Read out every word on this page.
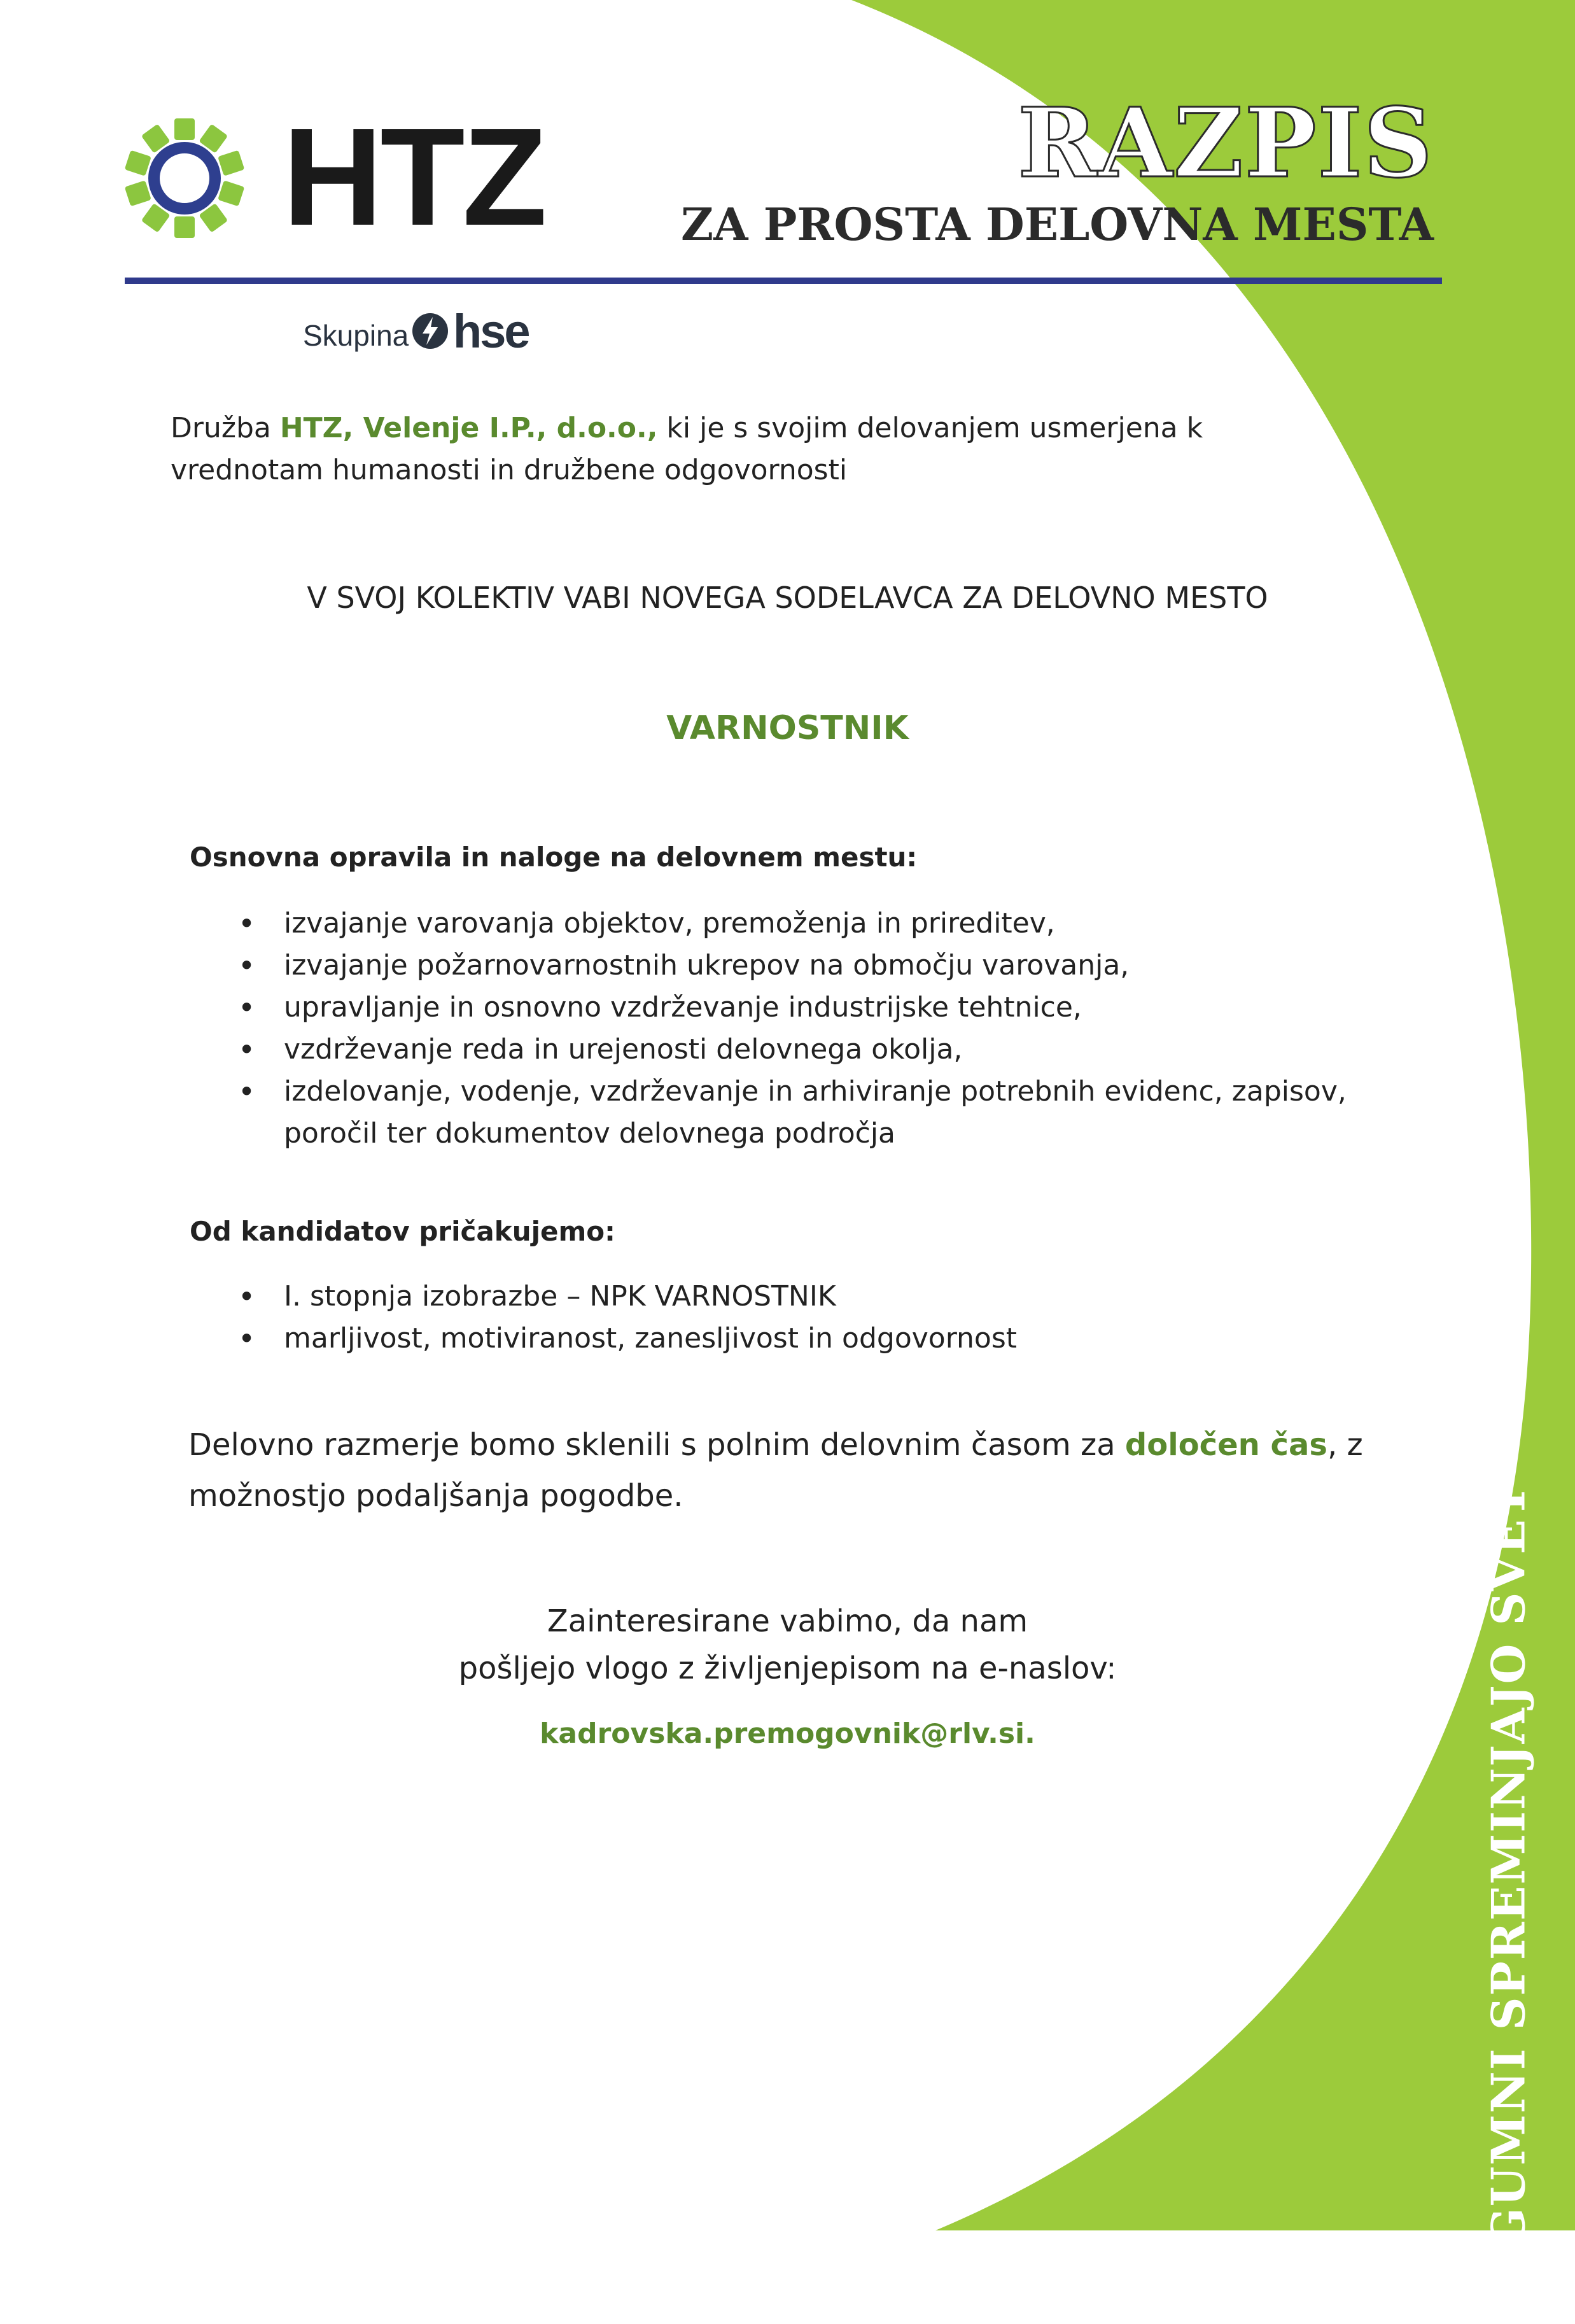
HTZ
Skupina hse
RAZPIS
ZA PROSTA DELOVNA MESTA
Družba HTZ, Velenje I.P., d.o.o., ki je s svojim delovanjem usmerjena k vrednotam humanosti in družbene odgovornosti
V SVOJ KOLEKTIV VABI NOVEGA SODELAVCA ZA DELOVNO MESTO
VARNOSTNIK
Osnovna opravila in naloge na delovnem mestu:
• izvajanje varovanja objektov, premoženja in prireditev,
• izvajanje požarnovarnostnih ukrepov na območju varovanja,
• upravljanje in osnovno vzdrževanje industrijske tehtnice,
• vzdrževanje reda in urejenosti delovnega okolja,
• izdelovanje, vodenje, vzdrževanje in arhiviranje potrebnih evidenc, zapisov, poročil ter dokumentov delovnega področja
Od kandidatov pričakujemo:
• I. stopnja izobrazbe – NPK VARNOSTNIK
• marljivost, motiviranost, zanesljivost in odgovornost
Delovno razmerje bomo sklenili s polnim delovnim časom za določen čas, z možnostjo podaljšanja pogodbe.
Zainteresirane vabimo, da nam
pošljejo vlogo z življenjepisom na e-naslov:
kadrovska.premogovnik@rlv.si.	POGUMNI SPREMINJAJO SVET
